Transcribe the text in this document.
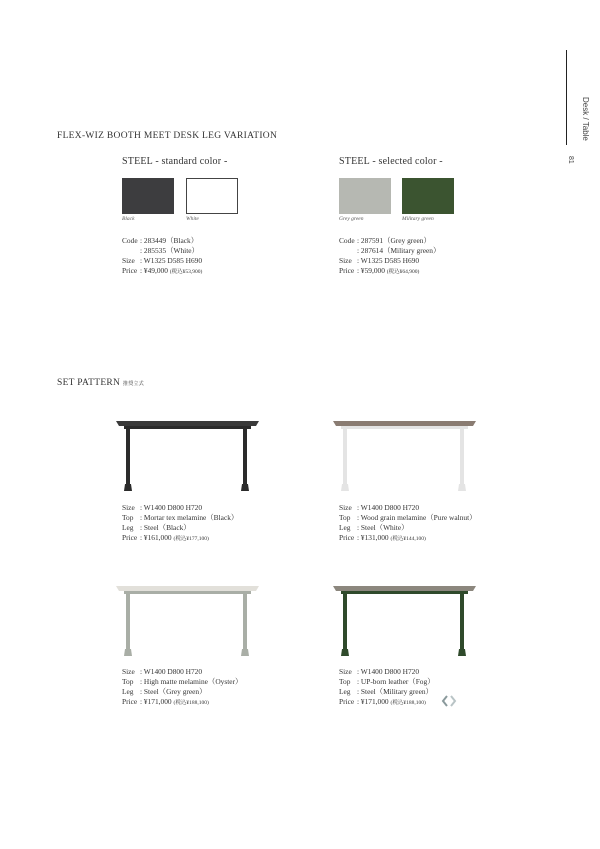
Desk / Table
81
FLEX-WIZ BOOTH MEET DESK LEG VARIATION
STEEL - standard color -	STEEL - selected color -
Black	White	Grey green	Military green
Code : 283449（Black）
: 285535（White）
Size : W1325 D585 H690
Price : ¥49,000 (税込¥53,900)
Code : 287591（Grey green）
: 287614（Military green）
Size : W1325 D585 H690
Price : ¥59,000 (税込¥64,900)
SET PATTERN 推奨立式
Size : W1400 D800 H720
Top : Mortar tex melamine（Black）
Leg : Steel（Black）
Price : ¥161,000 (税込¥177,100)
Size : W1400 D800 H720
Top : Wood grain melamine（Pure walnut）
Leg : Steel（White）
Price : ¥131,000 (税込¥144,100)
Size : W1400 D800 H720
Top : High matte melamine（Oyster）
Leg : Steel（Grey green）
Price : ¥171,000 (税込¥188,100)
Size : W1400 D800 H720
Top : UP-born leather（Fog）
Leg : Steel（Military green）
Price : ¥171,000 (税込¥188,100)
